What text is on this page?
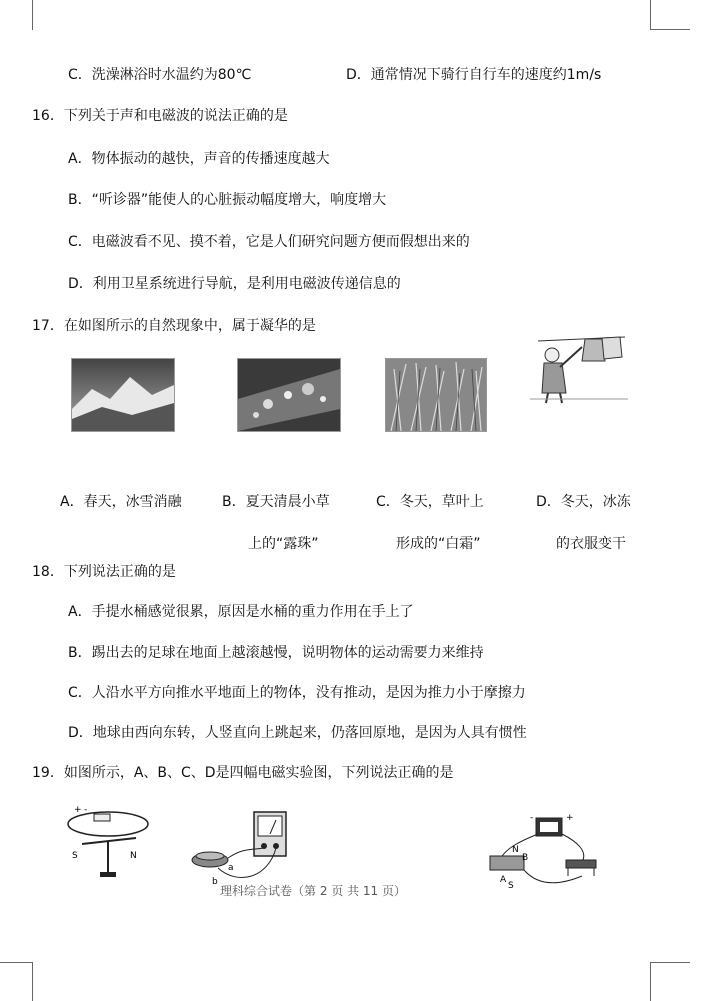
C．洗澡淋浴时水温约为80℃	D．通常情况下骑行自行车的速度约1m/s
16．下列关于声和电磁波的说法正确的是
A．物体振动的越快，声音的传播速度越大
B．“听诊器”能使人的心脏振动幅度增大，响度增大
C．电磁波看不见、摸不着，它是人们研究问题方便而假想出来的
D．利用卫星系统进行导航，是利用电磁波传递信息的
17．在如图所示的自然现象中，属于凝华的是
A．春天，冰雪消融	B．夏天清晨小草
上的“露珠”
C．冬天，草叶上
形成的“白霜”
D．冬天，冰冻
的衣服变干
18．下列说法正确的是
A．手提水桶感觉很累，原因是水桶的重力作用在手上了
B．踢出去的足球在地面上越滚越慢，说明物体的运动需要力来维持
C．人沿水平方向推水平地面上的物体，没有推动，是因为推力小于摩擦力
D．地球由西向东转，人竖直向上跳起来，仍落回原地，是因为人具有惯性
19．如图所示，A、B、C、D是四幅电磁实验图，下列说法正确的是
+ -
S	N
a
b
-	+
N
B
A
S
理科综合试卷（第 2 页 共 11 页）
